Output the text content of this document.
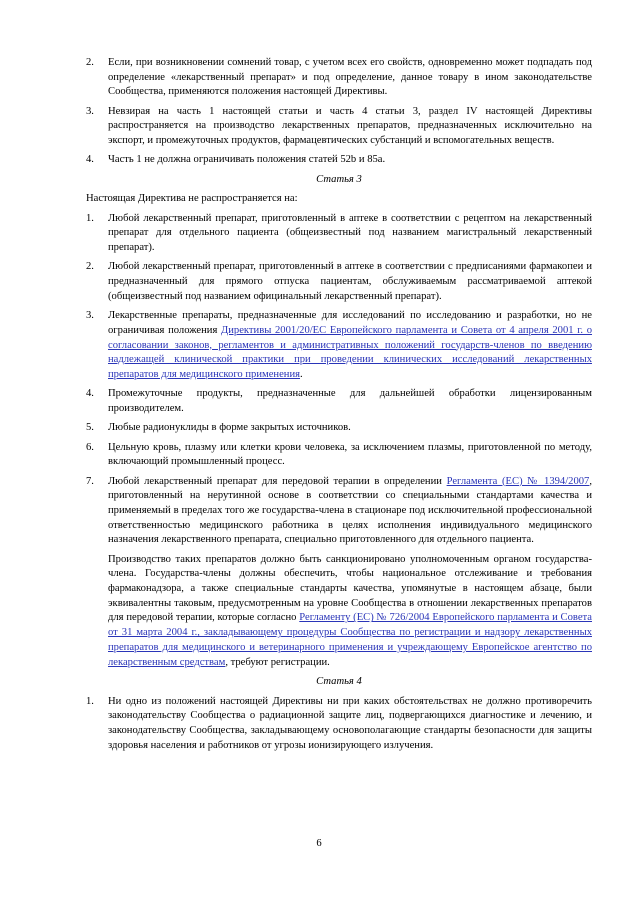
2. Если, при возникновении сомнений товар, с учетом всех его свойств, одновременно может подпадать под определение «лекарственный препарат» и под определение, данное товару в ином законодательстве Сообщества, применяются положения настоящей Директивы.
3. Невзирая на часть 1 настоящей статьи и часть 4 статьи 3, раздел IV настоящей Директивы распространяется на производство лекарственных препаратов, предназначенных исключительно на экспорт, и промежуточных продуктов, фармацевтических субстанций и вспомогательных веществ.
4. Часть 1 не должна ограничивать положения статей 52b и 85a.
Статья 3
Настоящая Директива не распространяется на:
1. Любой лекарственный препарат, приготовленный в аптеке в соответствии с рецептом на лекарственный препарат для отдельного пациента (общеизвестный под названием магистральный лекарственный препарат).
2. Любой лекарственный препарат, приготовленный в аптеке в соответствии с предписаниями фармакопеи и предназначенный для прямого отпуска пациентам, обслуживаемым рассматриваемой аптекой (общеизвестный под названием официнальный лекарственный препарат).
3. Лекарственные препараты, предназначенные для исследований по исследованию и разработки, но не ограничивая положения Директивы 2001/20/ЕС Европейского парламента и Совета от 4 апреля 2001 г. о согласовании законов, регламентов и административных положений государств-членов по введению надлежащей клинической практики при проведении клинических исследований лекарственных препаратов для медицинского применения.
4. Промежуточные продукты, предназначенные для дальнейшей обработки лицензированным производителем.
5. Любые радионуклиды в форме закрытых источников.
6. Цельную кровь, плазму или клетки крови человека, за исключением плазмы, приготовленной по методу, включающий промышленный процесс.
7. Любой лекарственный препарат для передовой терапии в определении Регламента (ЕС) № 1394/2007, приготовленный на нерутинной основе в соответствии со специальными стандартами качества и применяемый в пределах того же государства-члена в стационаре под исключительной профессиональной ответственностью медицинского работника в целях исполнения индивидуального медицинского назначения лекарственного препарата, специально приготовленного для отдельного пациента.
Производство таких препаратов должно быть санкционировано уполномоченным органом государства-члена. Государства-члены должны обеспечить, чтобы национальное отслеживание и требования фармаконадзора, а также специальные стандарты качества, упомянутые в настоящем абзаце, были эквивалентны таковым, предусмотренным на уровне Сообщества в отношении лекарственных препаратов для передовой терапии, которые согласно Регламенту (ЕС) № 726/2004 Европейского парламента и Совета от 31 марта 2004 г., закладывающему процедуры Сообщества по регистрации и надзору лекарственных препаратов для медицинского и ветеринарного применения и учреждающему Европейское агентство по лекарственным средствам, требуют регистрации.
Статья 4
1. Ни одно из положений настоящей Директивы ни при каких обстоятельствах не должно противоречить законодательству Сообщества о радиационной защите лиц, подвергающихся диагностике и лечению, и законодательству Сообщества, закладывающему основополагающие стандарты безопасности для защиты здоровья населения и работников от угрозы ионизирующего излучения.
6
